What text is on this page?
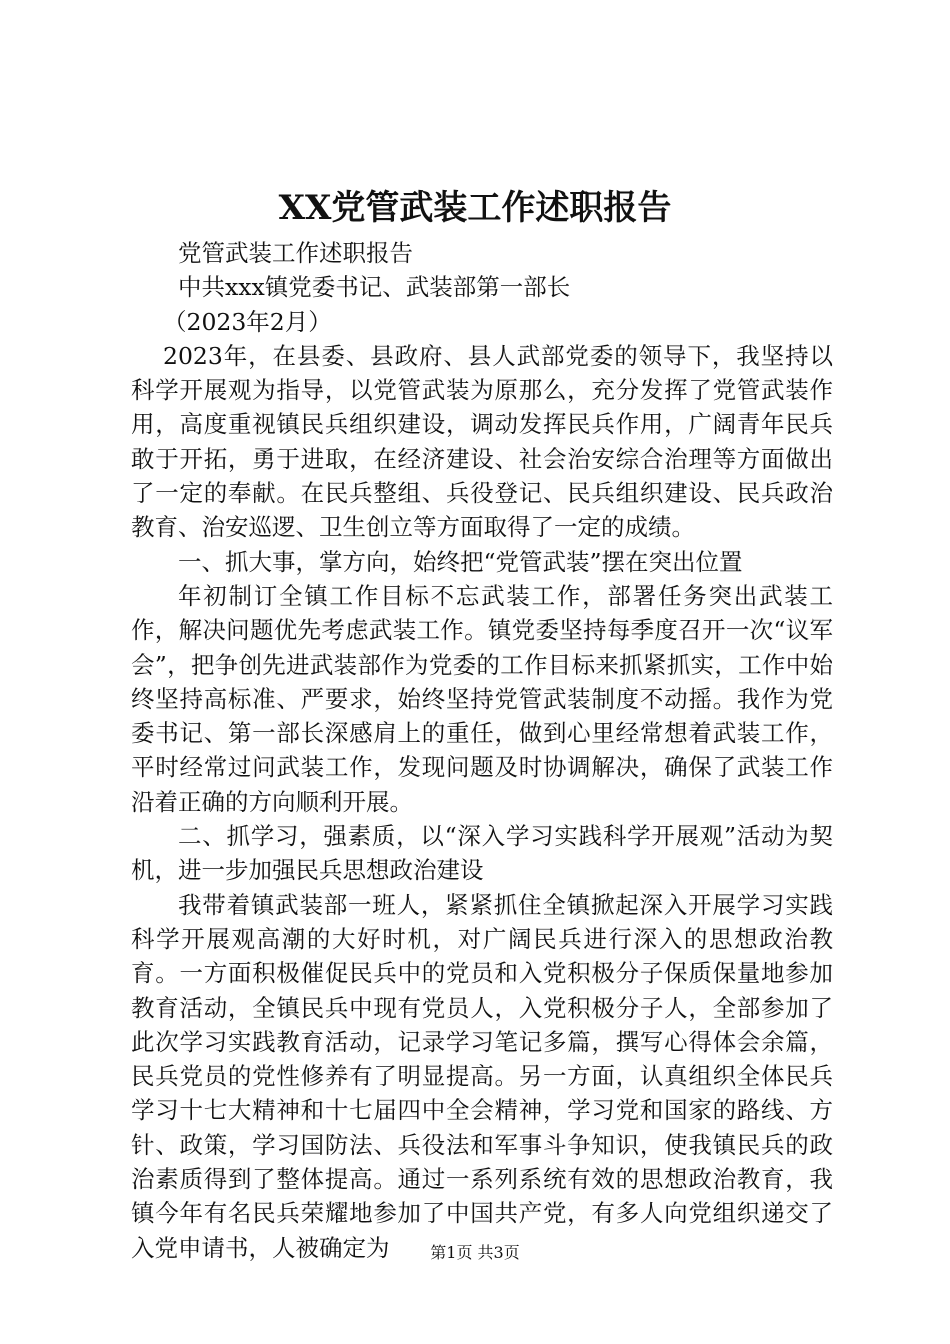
XX党管武装工作述职报告

党管武装工作述职报告

中共xxx镇党委书记、武装部第一部长

（2023年2月）

2023年，在县委、县政府、县人武部党委的领导下，我坚持以科学开展观为指导，以党管武装为原那么，充分发挥了党管武装作用，高度重视镇民兵组织建设，调动发挥民兵作用，广阔青年民兵敢于开拓，勇于进取，在经济建设、社会治安综合治理等方面做出了一定的奉献。在民兵整组、兵役登记、民兵组织建设、民兵政治教育、治安巡逻、卫生创立等方面取得了一定的成绩。

一、抓大事，掌方向，始终把“党管武装”摆在突出位置

年初制订全镇工作目标不忘武装工作，部署任务突出武装工作，解决问题优先考虑武装工作。镇党委坚持每季度召开一次“议军会”，把争创先进武装部作为党委的工作目标来抓紧抓实，工作中始终坚持高标准、严要求，始终坚持党管武装制度不动摇。我作为党委书记、第一部长深感肩上的重任，做到心里经常想着武装工作，平时经常过问武装工作，发现问题及时协调解决，确保了武装工作沿着正确的方向顺利开展。

二、抓学习，强素质，以“深入学习实践科学开展观”活动为契机，进一步加强民兵思想政治建设

我带着镇武装部一班人，紧紧抓住全镇掀起深入开展学习实践科学开展观高潮的大好时机，对广阔民兵进行深入的思想政治教育。一方面积极催促民兵中的党员和入党积极分子保质保量地参加教育活动，全镇民兵中现有党员人，入党积极分子人，全部参加了此次学习实践教育活动，记录学习笔记多篇，撰写心得体会余篇，民兵党员的党性修养有了明显提高。另一方面，认真组织全体民兵学习十七大精神和十七届四中全会精神，学习党和国家的路线、方针、政策，学习国防法、兵役法和军事斗争知识，使我镇民兵的政治素质得到了整体提高。通过一系列系统有效的思想政治教育，我镇今年有名民兵荣耀地参加了中国共产党，有多人向党组织递交了入党申请书，人被确定为	第1页 共3页
